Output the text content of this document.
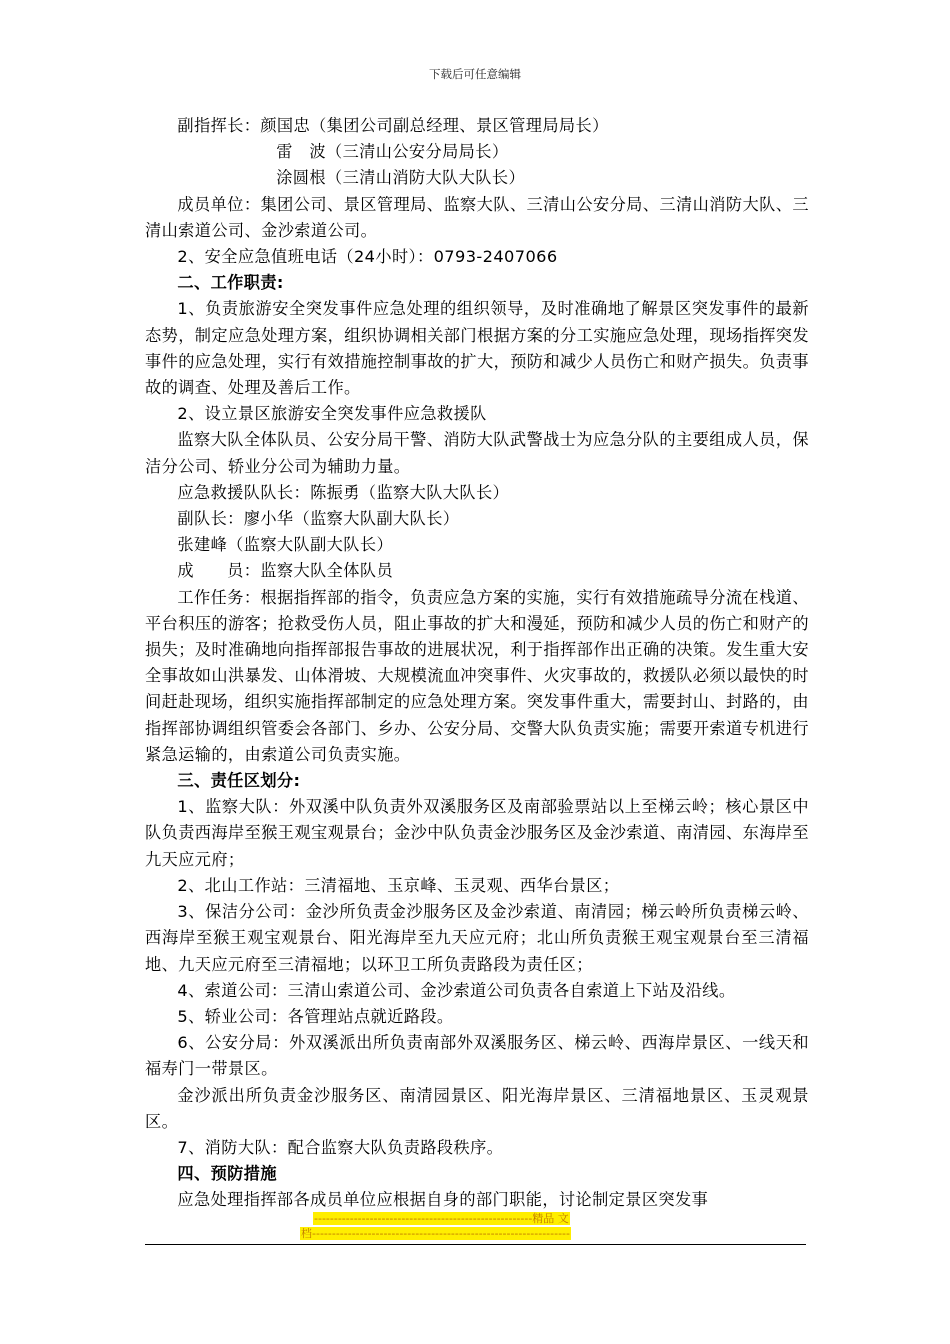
下载后可任意编辑

副指挥长：颜国忠（集团公司副总经理、景区管理局局长）

雷　波（三清山公安分局局长）

涂圆根（三清山消防大队大队长）

成员单位：集团公司、景区管理局、监察大队、三清山公安分局、三清山消防大队、三清山索道公司、金沙索道公司。

2、安全应急值班电话（24小时）：0793-2407066

二、工作职责:

1、负责旅游安全突发事件应急处理的组织领导，及时准确地了解景区突发事件的最新态势，制定应急处理方案，组织协调相关部门根据方案的分工实施应急处理，现场指挥突发事件的应急处理，实行有效措施控制事故的扩大，预防和减少人员伤亡和财产损失。负责事故的调查、处理及善后工作。

2、设立景区旅游安全突发事件应急救援队

监察大队全体队员、公安分局干警、消防大队武警战士为应急分队的主要组成人员，保洁分公司、轿业分公司为辅助力量。

应急救援队队长：陈振勇（监察大队大队长）

副队长：廖小华（监察大队副大队长）

张建峰（监察大队副大队长）

成　　员：监察大队全体队员

工作任务：根据指挥部的指令，负责应急方案的实施，实行有效措施疏导分流在栈道、平台积压的游客；抢救受伤人员，阻止事故的扩大和漫延，预防和减少人员的伤亡和财产的损失；及时准确地向指挥部报告事故的进展状况，利于指挥部作出正确的决策。发生重大安全事故如山洪暴发、山体滑坡、大规模流血冲突事件、火灾事故的，救援队必须以最快的时间赶赴现场，组织实施指挥部制定的应急处理方案。突发事件重大，需要封山、封路的，由指挥部协调组织管委会各部门、乡办、公安分局、交警大队负责实施；需要开索道专机进行紧急运输的，由索道公司负责实施。

三、责任区划分:

1、监察大队：外双溪中队负责外双溪服务区及南部验票站以上至梯云岭；核心景区中队负责西海岸至猴王观宝观景台；金沙中队负责金沙服务区及金沙索道、南清园、东海岸至九天应元府；

2、北山工作站：三清福地、玉京峰、玉灵观、西华台景区；

3、保洁分公司：金沙所负责金沙服务区及金沙索道、南清园；梯云岭所负责梯云岭、西海岸至猴王观宝观景台、阳光海岸至九天应元府；北山所负责猴王观宝观景台至三清福地、九天应元府至三清福地；以环卫工所负责路段为责任区；

4、索道公司：三清山索道公司、金沙索道公司负责各自索道上下站及沿线。

5、轿业公司：各管理站点就近路段。

6、公安分局：外双溪派出所负责南部外双溪服务区、梯云岭、西海岸景区、一线天和福寿门一带景区。

金沙派出所负责金沙服务区、南清园景区、阳光海岸景区、三清福地景区、玉灵观景区。

7、消防大队：配合监察大队负责路段秩序。

四、预防措施

应急处理指挥部各成员单位应根据自身的部门职能，讨论制定景区突发事

-------------------------------------------------------精品 文
档-----------------------------------------------------------------
